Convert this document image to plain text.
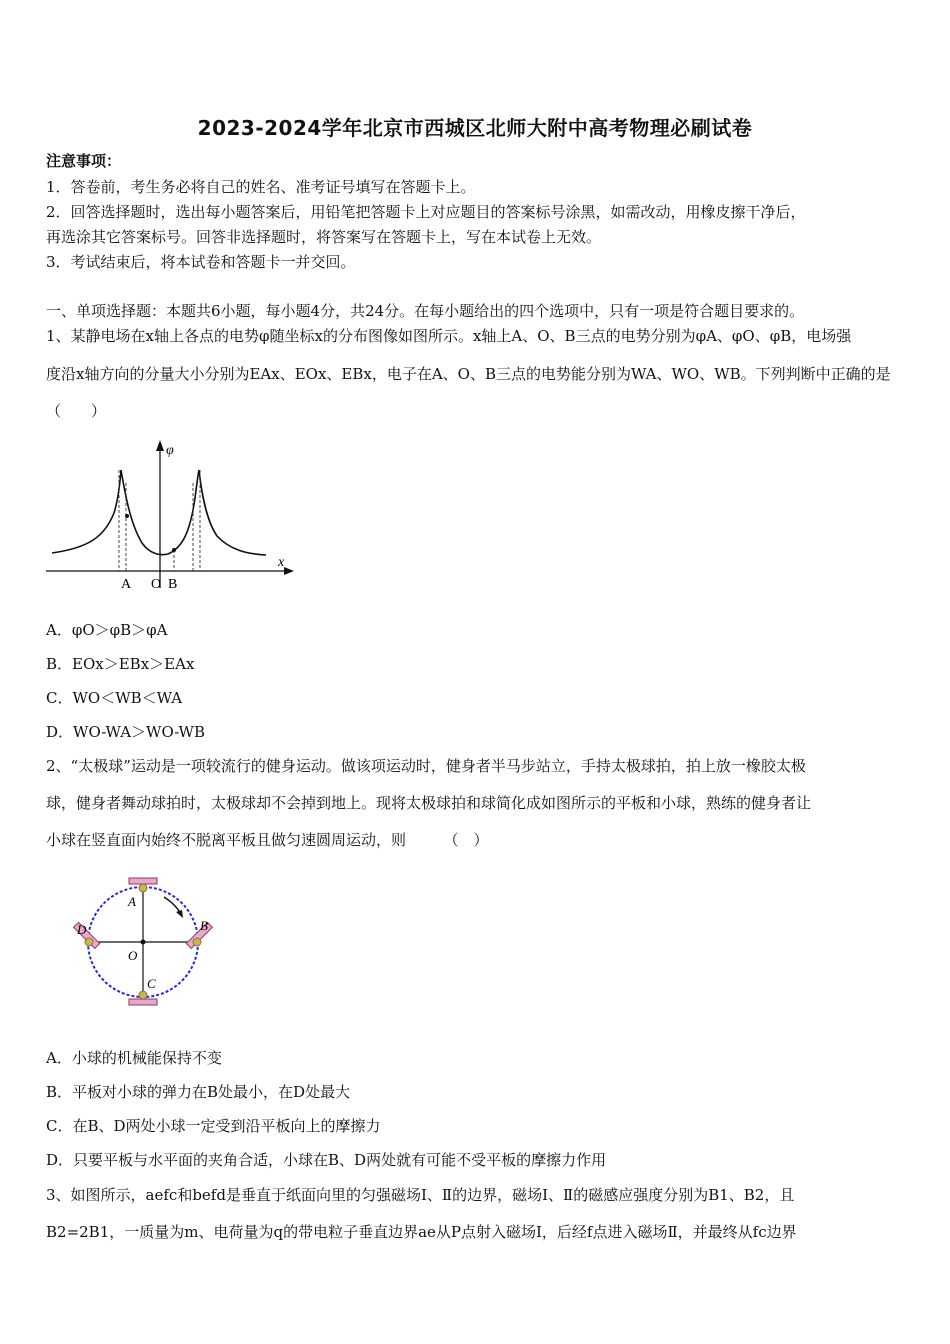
2023-2024学年北京市西城区北师大附中高考物理必刷试卷
注意事项：
1．答卷前，考生务必将自己的姓名、准考证号填写在答题卡上。
2．回答选择题时，选出每小题答案后，用铅笔把答题卡上对应题目的答案标号涂黑，如需改动，用橡皮擦干净后，
再选涂其它答案标号。回答非选择题时，将答案写在答题卡上，写在本试卷上无效。
3．考试结束后，将本试卷和答题卡一并交回。
一、单项选择题：本题共6小题，每小题4分，共24分。在每小题给出的四个选项中，只有一项是符合题目要求的。
1、某静电场在x轴上各点的电势φ随坐标x的分布图像如图所示。x轴上A、O、B三点的电势分别为φA、φO、φB，电场强
度沿x轴方向的分量大小分别为EAx、EOx、EBx，电子在A、O、B三点的电势能分别为WA、WO、WB。下列判断中正确的是
（　　）
φ
x
A O B
A．φO＞φB＞φA
B．EOx＞EBx＞EAx
C．WO＜WB＜WA
D．WO-WA＞WO-WB
2、“太极球”运动是一项较流行的健身运动。做该项运动时，健身者半马步站立，手持太极球拍，拍上放一橡胶太极
球，健身者舞动球拍时，太极球却不会掉到地上。现将太极球拍和球简化成如图所示的平板和小球，熟练的健身者让
小球在竖直面内始终不脱离平板且做匀速圆周运动，则　　　（　）
A
B
C
D
O
A．小球的机械能保持不变
B．平板对小球的弹力在B处最小，在D处最大
C．在B、D两处小球一定受到沿平板向上的摩擦力
D．只要平板与水平面的夹角合适，小球在B、D两处就有可能不受平板的摩擦力作用
3、如图所示，aefc和befd是垂直于纸面向里的匀强磁场Ⅰ、Ⅱ的边界，磁场Ⅰ、Ⅱ的磁感应强度分别为B1、B2，且
B2=2B1，一质量为m、电荷量为q的带电粒子垂直边界ae从P点射入磁场Ⅰ，后经f点进入磁场Ⅱ，并最终从fc边界
